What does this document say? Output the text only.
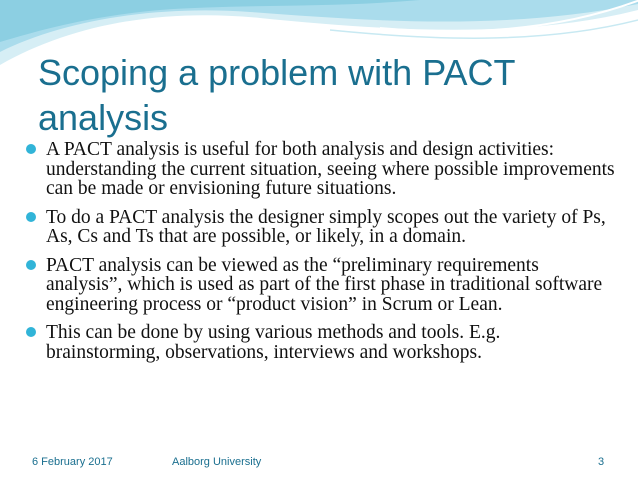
Scoping a problem with PACT analysis
A PACT analysis is useful for both analysis and design activities: understanding the current situation, seeing where possible improvements can be made or envisioning future situations.
To do a PACT analysis the designer simply scopes out the variety of Ps, As, Cs and Ts that are possible, or likely, in a domain.
PACT analysis can be viewed as the “preliminary requirements analysis”, which is used as part of the first phase in traditional software engineering process or “product vision” in Scrum or Lean.
This can be done by using various methods and tools. E.g. brainstorming, observations, interviews and workshops.
6 February 2017	Aalborg University	3
